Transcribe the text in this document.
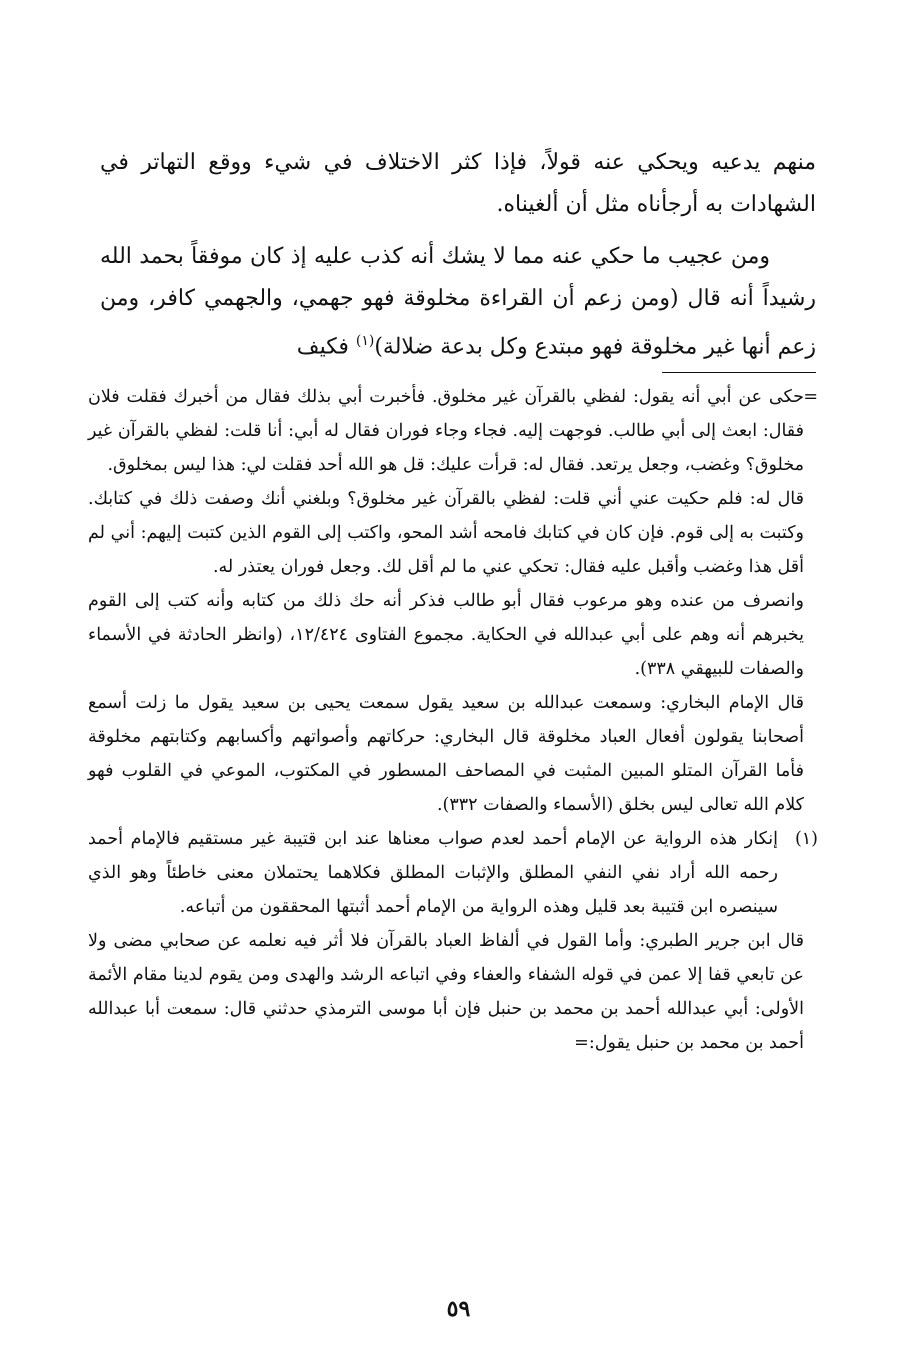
منهم يدعيه ويحكي عنه قولاً، فإذا كثر الاختلاف في شيء ووقع التهاتر في الشهادات به أرجأناه مثل أن ألغيناه.

ومن عجيب ما حكي عنه مما لا يشك أنه كذب عليه إذ كان موفقاً بحمد الله رشيداً أنه قال (ومن زعم أن القراءة مخلوقة فهو جهمي، والجهمي كافر، ومن زعم أنها غير مخلوقة فهو مبتدع وكل بدعة ضلالة)$^{(١)}$ فكيف

=
حكى عن أبي أنه يقول: لفظي بالقرآن غير مخلوق. فأخبرت أبي بذلك فقال من أخبرك فقلت فلان فقال: ابعث إلى أبي طالب. فوجهت إليه. فجاء وجاء فوران فقال له أبي: أنا قلت: لفظي بالقرآن غير مخلوق؟ وغضب، وجعل يرتعد. فقال له: قرأت عليك: قل هو الله أحد فقلت لي: هذا ليس بمخلوق.

قال له: فلم حكيت عني أني قلت: لفظي بالقرآن غير مخلوق؟ وبلغني أنك وصفت ذلك في كتابك. وكتبت به إلى قوم. فإن كان في كتابك فامحه أشد المحو، واكتب إلى القوم الذين كتبت إليهم: أني لم أقل هذا وغضب وأقبل عليه فقال: تحكي عني ما لم أقل لك. وجعل فوران يعتذر له.

وانصرف من عنده وهو مرعوب فقال أبو طالب فذكر أنه حك ذلك من كتابه وأنه كتب إلى القوم يخبرهم أنه وهم على أبي عبدالله في الحكاية. مجموع الفتاوى ١٢/٤٢٤، (وانظر الحادثة في الأسماء والصفات للبيهقي ٣٣٨).

قال الإمام البخاري: وسمعت عبدالله بن سعيد يقول سمعت يحيى بن سعيد يقول ما زلت أسمع أصحابنا يقولون أفعال العباد مخلوقة قال البخاري: حركاتهم وأصواتهم وأكسابهم وكتابتهم مخلوقة فأما القرآن المتلو المبين المثبت في المصاحف المسطور في المكتوب، الموعي في القلوب فهو كلام الله تعالى ليس بخلق (الأسماء والصفات ٣٣٢).

(١)
إنكار هذه الرواية عن الإمام أحمد لعدم صواب معناها عند ابن قتيبة غير مستقيم فالإمام أحمد رحمه الله أراد نفي النفي المطلق والإثبات المطلق فكلاهما يحتملان معنى خاطئاً وهو الذي سينصره ابن قتيبة بعد قليل وهذه الرواية من الإمام أحمد أثبتها المحققون من أتباعه.

قال ابن جرير الطبري: وأما القول في ألفاظ العباد بالقرآن فلا أثر فيه نعلمه عن صحابي مضى ولا عن تابعي قفا إلا عمن في قوله الشفاء والعفاء وفي اتباعه الرشد والهدى ومن يقوم لدينا مقام الأئمة الأولى: أبي عبدالله أحمد بن محمد بن حنبل فإن أبا موسى الترمذي حدثني قال: سمعت أبا عبدالله أحمد بن محمد بن حنبل يقول:=

٥٩
